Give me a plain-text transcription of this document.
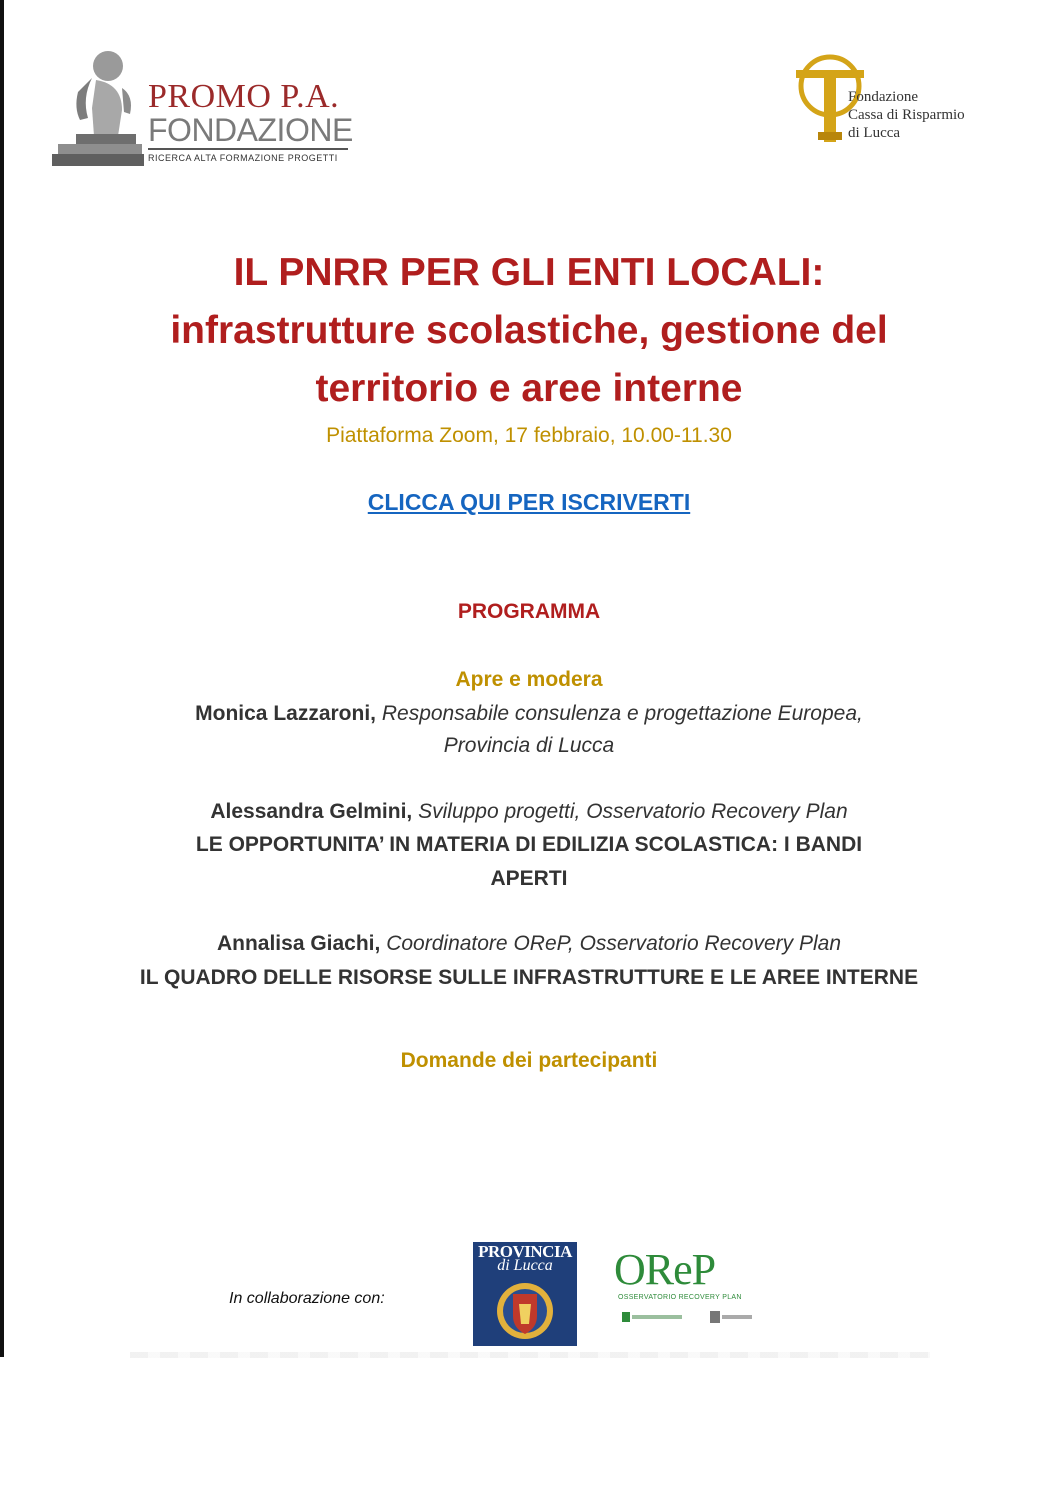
PROMO P.A.
FONDAZIONE
RICERCA ALTA FORMAZIONE PROGETTI
Fondazione
Cassa di Risparmio
di Lucca
IL PNRR PER GLI ENTI LOCALI:
infrastrutture scolastiche, gestione del
territorio e aree interne
Piattaforma Zoom, 17 febbraio, 10.00-11.30
CLICCA QUI PER ISCRIVERTI
PROGRAMMA
Apre e modera
Monica Lazzaroni, Responsabile consulenza e progettazione Europea,
Provincia di Lucca
Alessandra Gelmini, Sviluppo progetti, Osservatorio Recovery Plan
LE OPPORTUNITA’ IN MATERIA DI EDILIZIA SCOLASTICA: I BANDI
APERTI
Annalisa Giachi, Coordinatore OReP, Osservatorio Recovery Plan
IL QUADRO DELLE RISORSE SULLE INFRASTRUTTURE E LE AREE INTERNE
Domande dei partecipanti
In collaborazione con:
PROVINCIA
di Lucca	OReP
OSSERVATORIO RECOVERY PLAN
